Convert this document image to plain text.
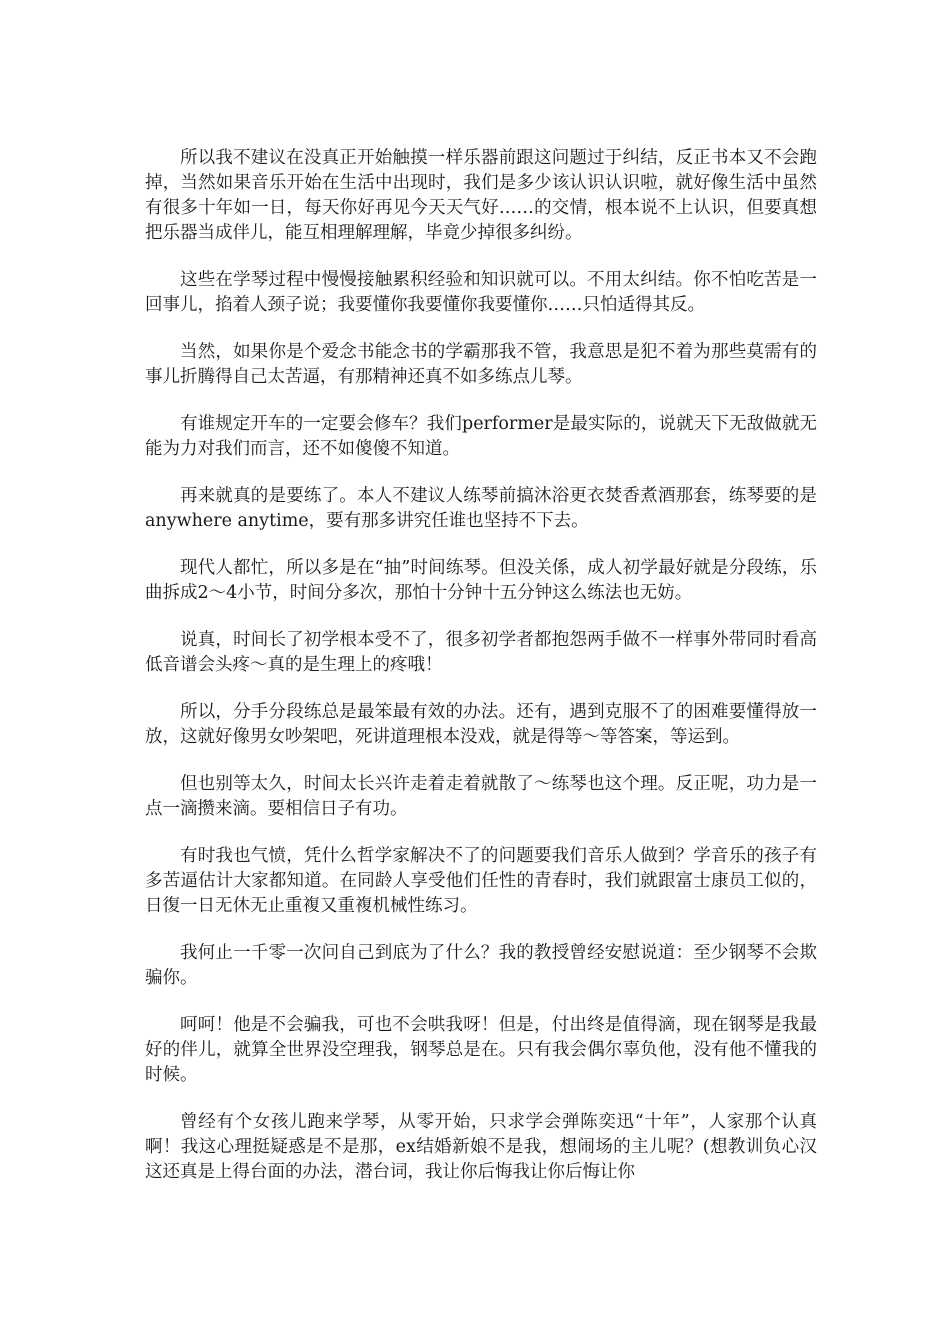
所以我不建议在没真正开始触摸一样乐器前跟这问题过于纠结，反正书本又不会跑掉，当然如果音乐开始在生活中出现时，我们是多少该认识认识啦，就好像生活中虽然有很多十年如一日，每天你好再见今天天气好……的交情，根本说不上认识，但要真想把乐器当成伴儿，能互相理解理解，毕竟少掉很多纠纷。

这些在学琴过程中慢慢接触累积经验和知识就可以。不用太纠结。你不怕吃苦是一回事儿，掐着人颈子说；我要懂你我要懂你我要懂你……只怕适得其反。

当然，如果你是个爱念书能念书的学霸那我不管，我意思是犯不着为那些莫需有的事儿折腾得自己太苦逼，有那精神还真不如多练点儿琴。

有谁规定开车的一定要会修车？我们performer是最实际的，说就天下无敌做就无能为力对我们而言，还不如傻傻不知道。

再来就真的是要练了。本人不建议人练琴前搞沐浴更衣焚香煮酒那套，练琴要的是anywhere anytime，要有那多讲究任谁也坚持不下去。

现代人都忙，所以多是在“抽”时间练琴。但没关係，成人初学最好就是分段练，乐曲拆成2～4小节，时间分多次，那怕十分钟十五分钟这么练法也无妨。

说真，时间长了初学根本受不了，很多初学者都抱怨两手做不一样事外带同时看高低音谱会头疼～真的是生理上的疼哦！

所以，分手分段练总是最笨最有效的办法。还有，遇到克服不了的困难要懂得放一放，这就好像男女吵架吧，死讲道理根本没戏，就是得等～等答案，等运到。

但也别等太久，时间太长兴许走着走着就散了～练琴也这个理。反正呢，功力是一点一滴攒来滴。要相信日子有功。

有时我也气愤，凭什么哲学家解决不了的问题要我们音乐人做到？学音乐的孩子有多苦逼估计大家都知道。在同龄人享受他们任性的青春时，我们就跟富士康员工似的，日復一日无休无止重複又重複机械性练习。

我何止一千零一次问自己到底为了什么？我的教授曾经安慰说道：至少钢琴不会欺骗你。

呵呵！他是不会骗我，可也不会哄我呀！但是，付出终是值得滴，现在钢琴是我最好的伴儿，就算全世界没空理我，钢琴总是在。只有我会偶尔辜负他，没有他不懂我的时候。

曾经有个女孩儿跑来学琴，从零开始，只求学会弹陈奕迅“十年”，人家那个认真啊！我这心理挺疑惑是不是那，ex结婚新娘不是我，想闹场的主儿呢？(想教训负心汉这还真是上得台面的办法，潜台词，我让你后悔我让你后悔让你
